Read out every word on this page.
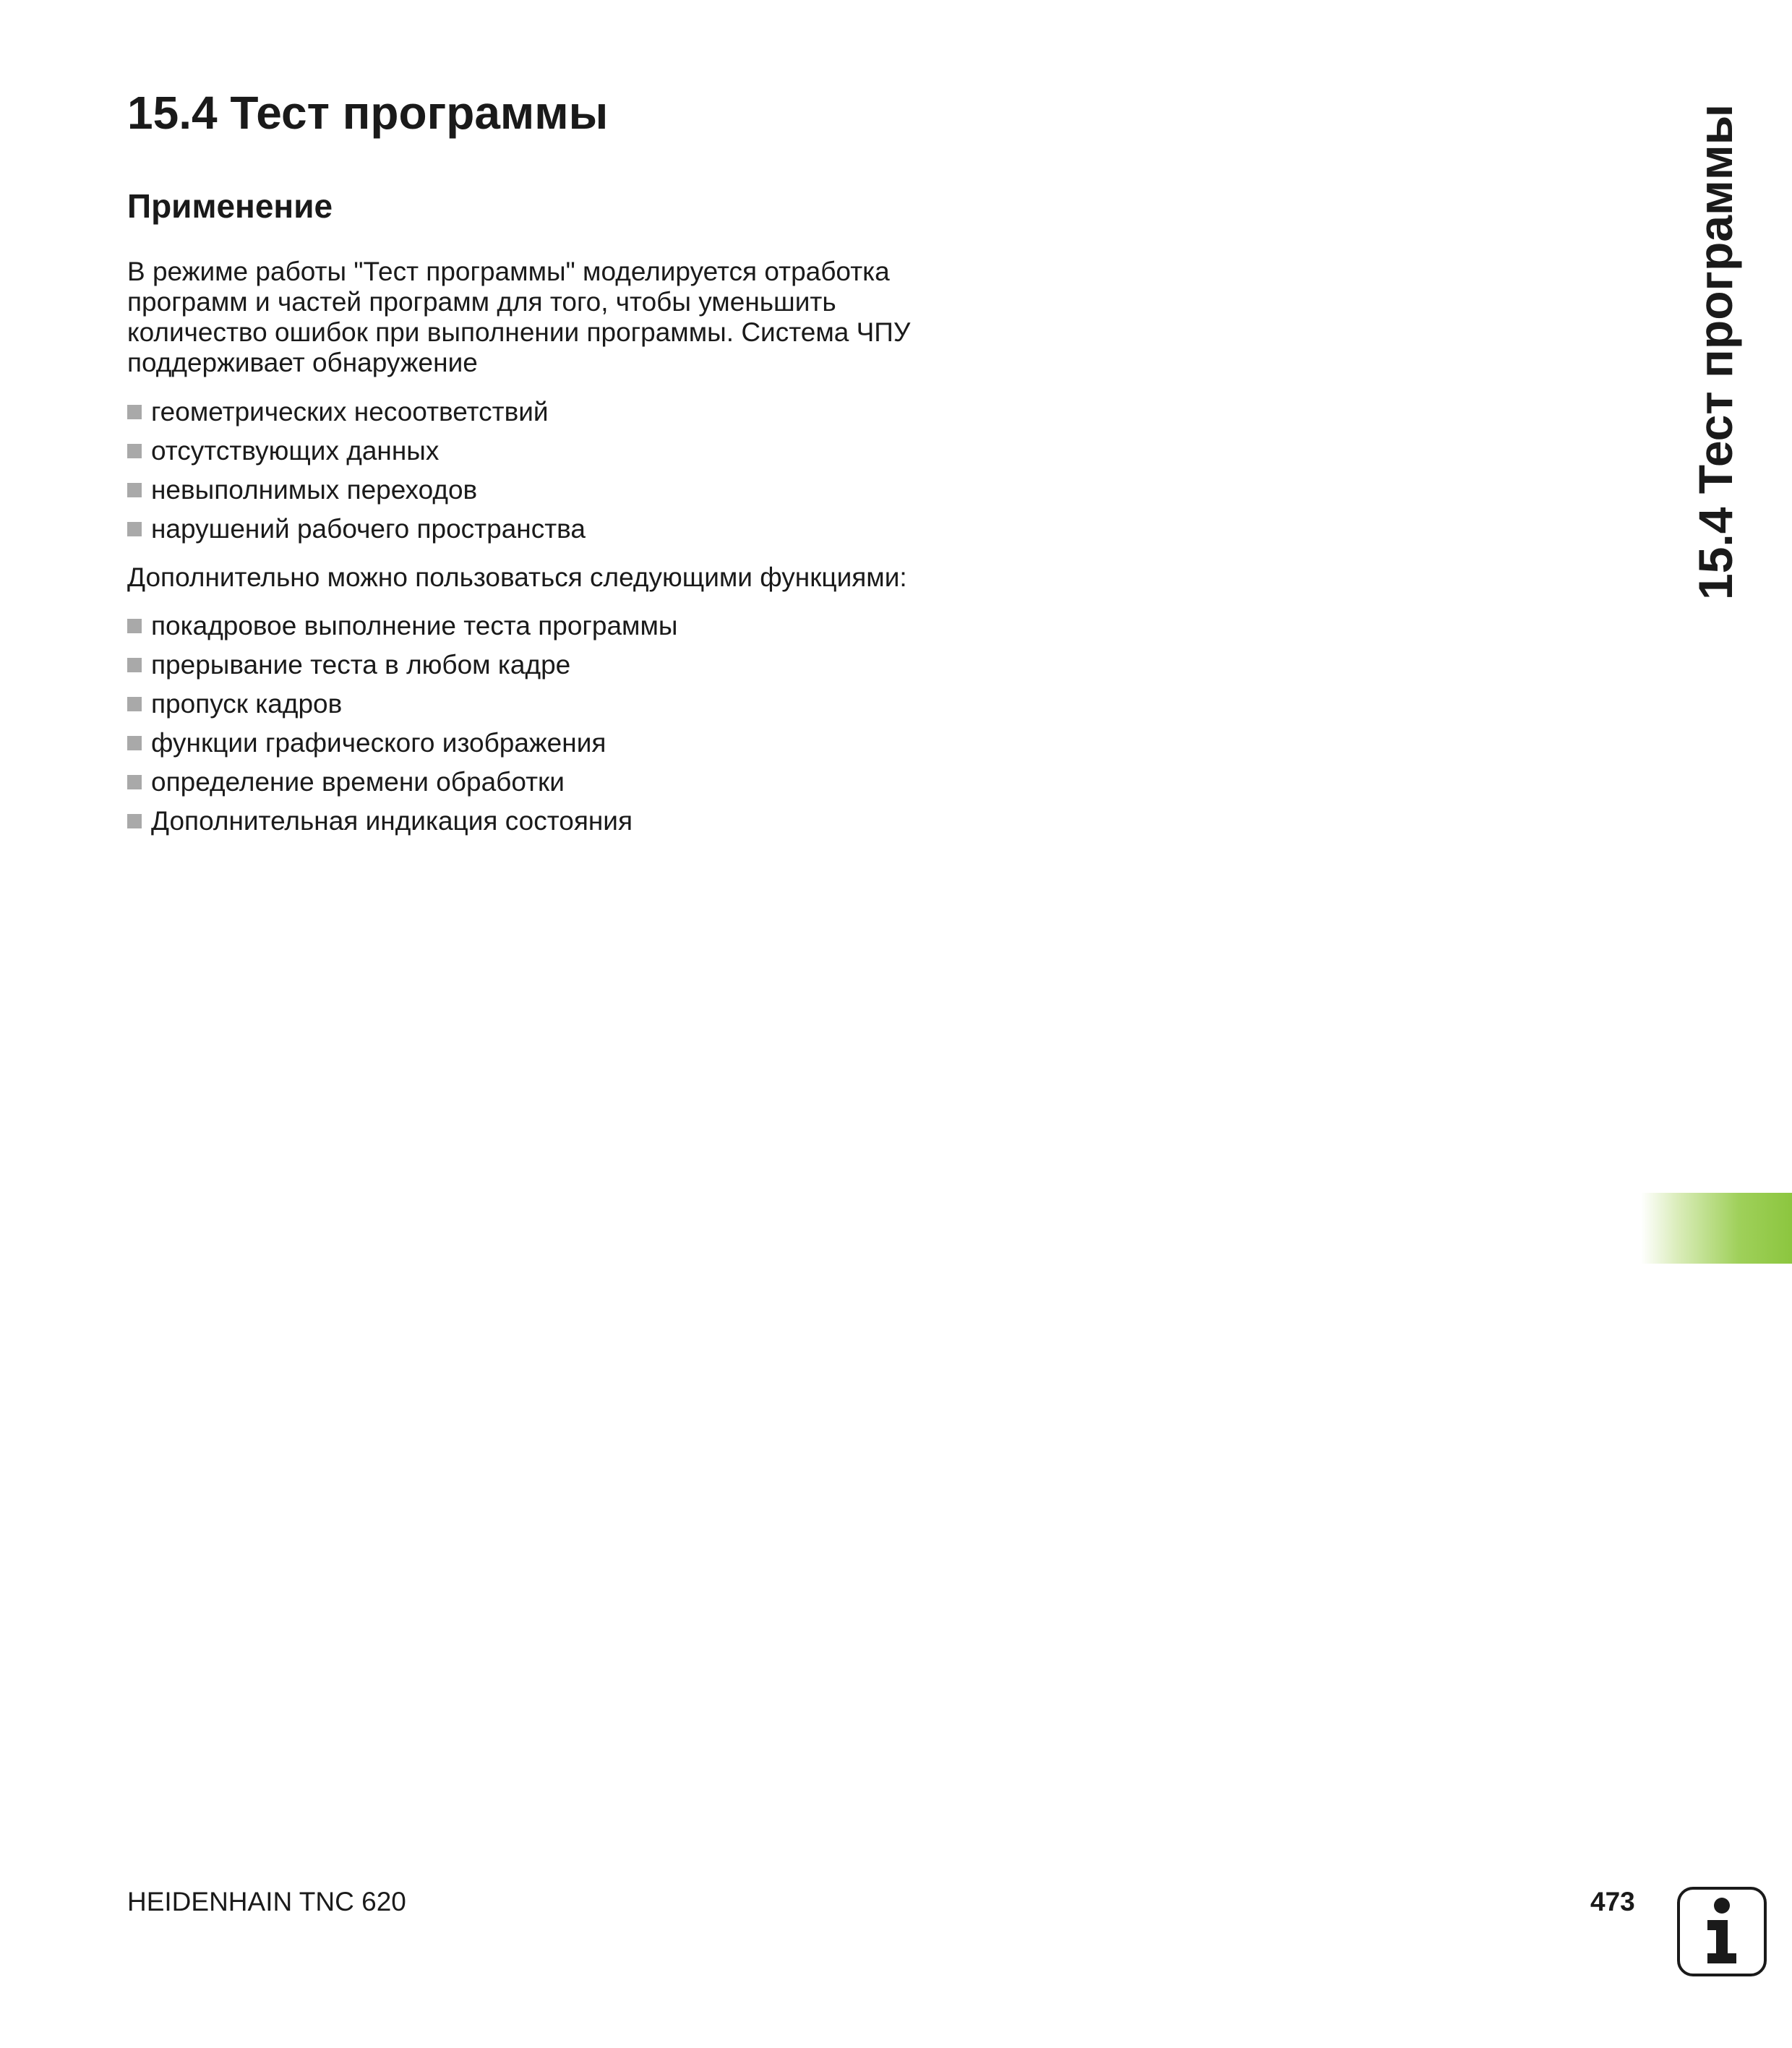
15.4 Тест программы
Применение

В режиме работы "Тест программы" моделируется отработка программ и частей программ для того, чтобы уменьшить количество ошибок при выполнении программы. Система ЧПУ поддерживает обнаружение

геометрических несоответствий
отсутствующих данных
невыполнимых переходов
нарушений рабочего пространства

Дополнительно можно пользоваться следующими функциями:

покадровое выполнение теста программы
прерывание теста в любом кадре
пропуск кадров
функции графического изображения
определение времени обработки
Дополнительная индикация состояния
15.4 Тест программы
HEIDENHAIN TNC 620	473
